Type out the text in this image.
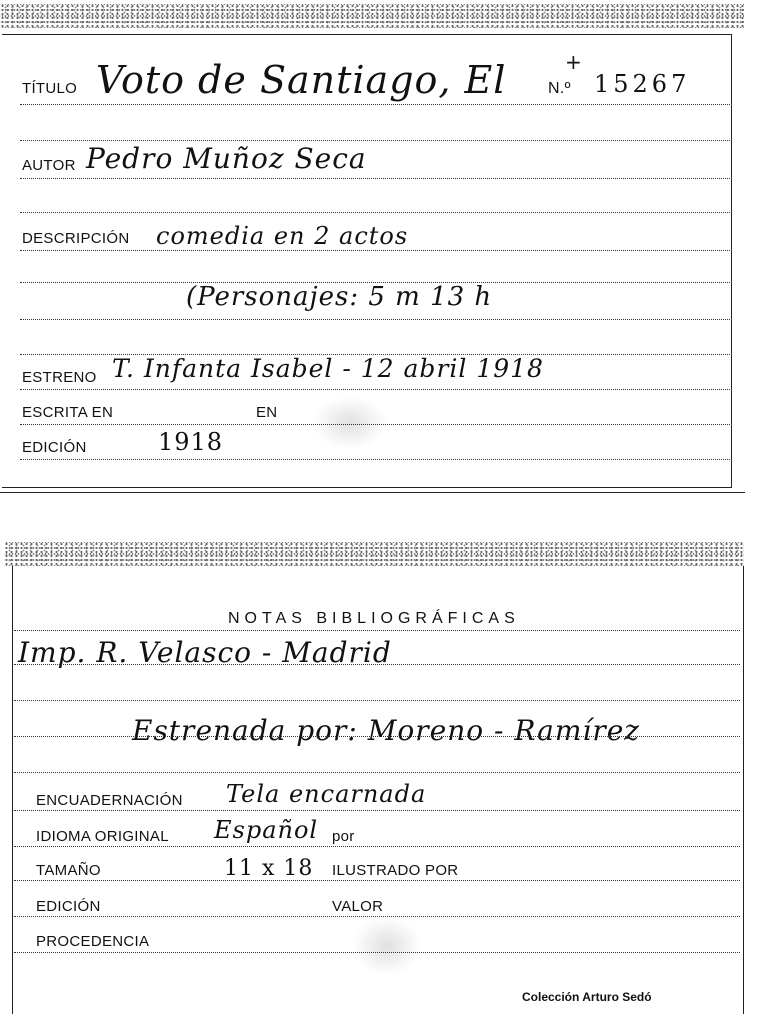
TÍTULO Voto de Santiago, El	+
N.º 15267
AUTOR Pedro Muñoz Seca
DESCRIPCIÓN comedia en 2 actos
(Personajes: 5 m 13 h
ESTRENO T. Infanta Isabel - 12 abril 1918
ESCRITA EN	EN
EDICIÓN	1918
NOTAS BIBLIOGRÁFICAS
Imp. R. Velasco - Madrid
Estrenada por: Moreno - Ramírez
ENCUADERNACIÓN Tela encarnada
IDIOMA ORIGINAL Español por
TAMAÑO	11 x 18 ILUSTRADO POR
EDICIÓN	VALOR
PROCEDENCIA
Colección Arturo Sedó
